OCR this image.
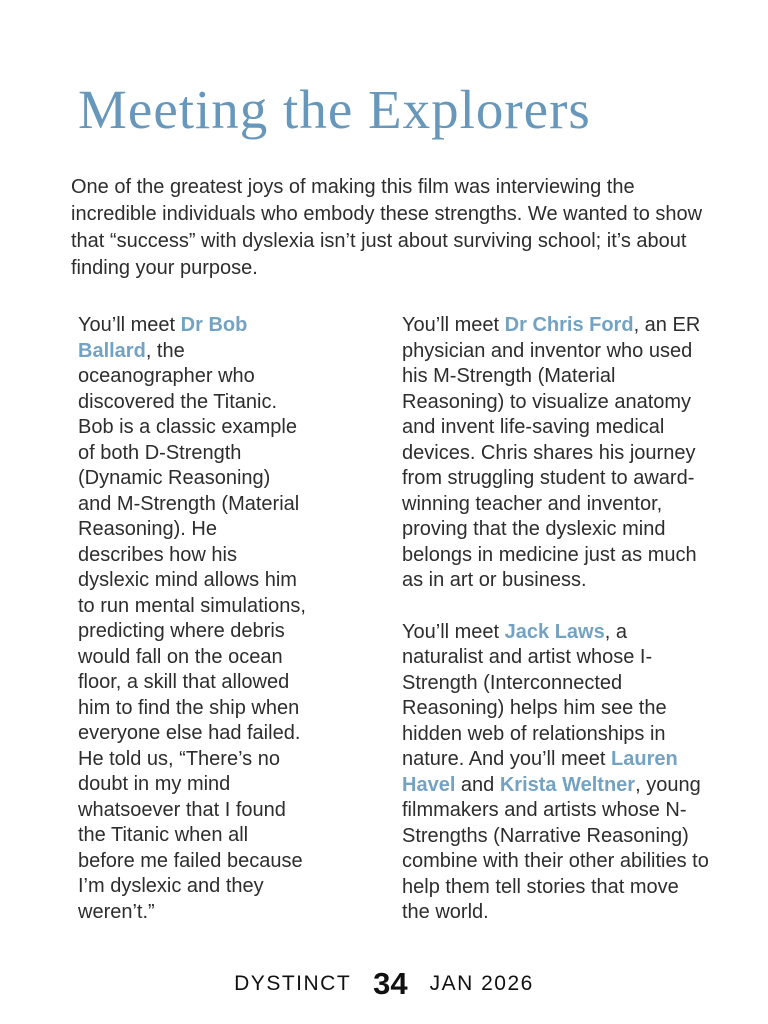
Meeting the Explorers

One of the greatest joys of making this film was interviewing the incredible individuals who embody these strengths. We wanted to show that “success” with dyslexia isn’t just about surviving school; it’s about finding your purpose.

You’ll meet Dr Bob Ballard, the oceanographer who discovered the Titanic. Bob is a classic example of both D-Strength (Dynamic Reasoning) and M-Strength (Material Reasoning). He describes how his dyslexic mind allows him to run mental simulations, predicting where debris would fall on the ocean floor, a skill that allowed him to find the ship when everyone else had failed. He told us, “There’s no doubt in my mind whatsoever that I found the Titanic when all before me failed because I’m dyslexic and they weren’t.”

You’ll meet Dr Chris Ford, an ER physician and inventor who used his M-Strength (Material Reasoning) to visualize anatomy and invent life-saving medical devices. Chris shares his journey from struggling student to award-winning teacher and inventor, proving that the dyslexic mind belongs in medicine just as much as in art or business.

You’ll meet Jack Laws, a naturalist and artist whose I-Strength (Interconnected Reasoning) helps him see the hidden web of relationships in nature. And you’ll meet Lauren Havel and Krista Weltner, young filmmakers and artists whose N-Strengths (Narrative Reasoning) combine with their other abilities to help them tell stories that move the world.

DYSTINCT 34 JAN 2026
